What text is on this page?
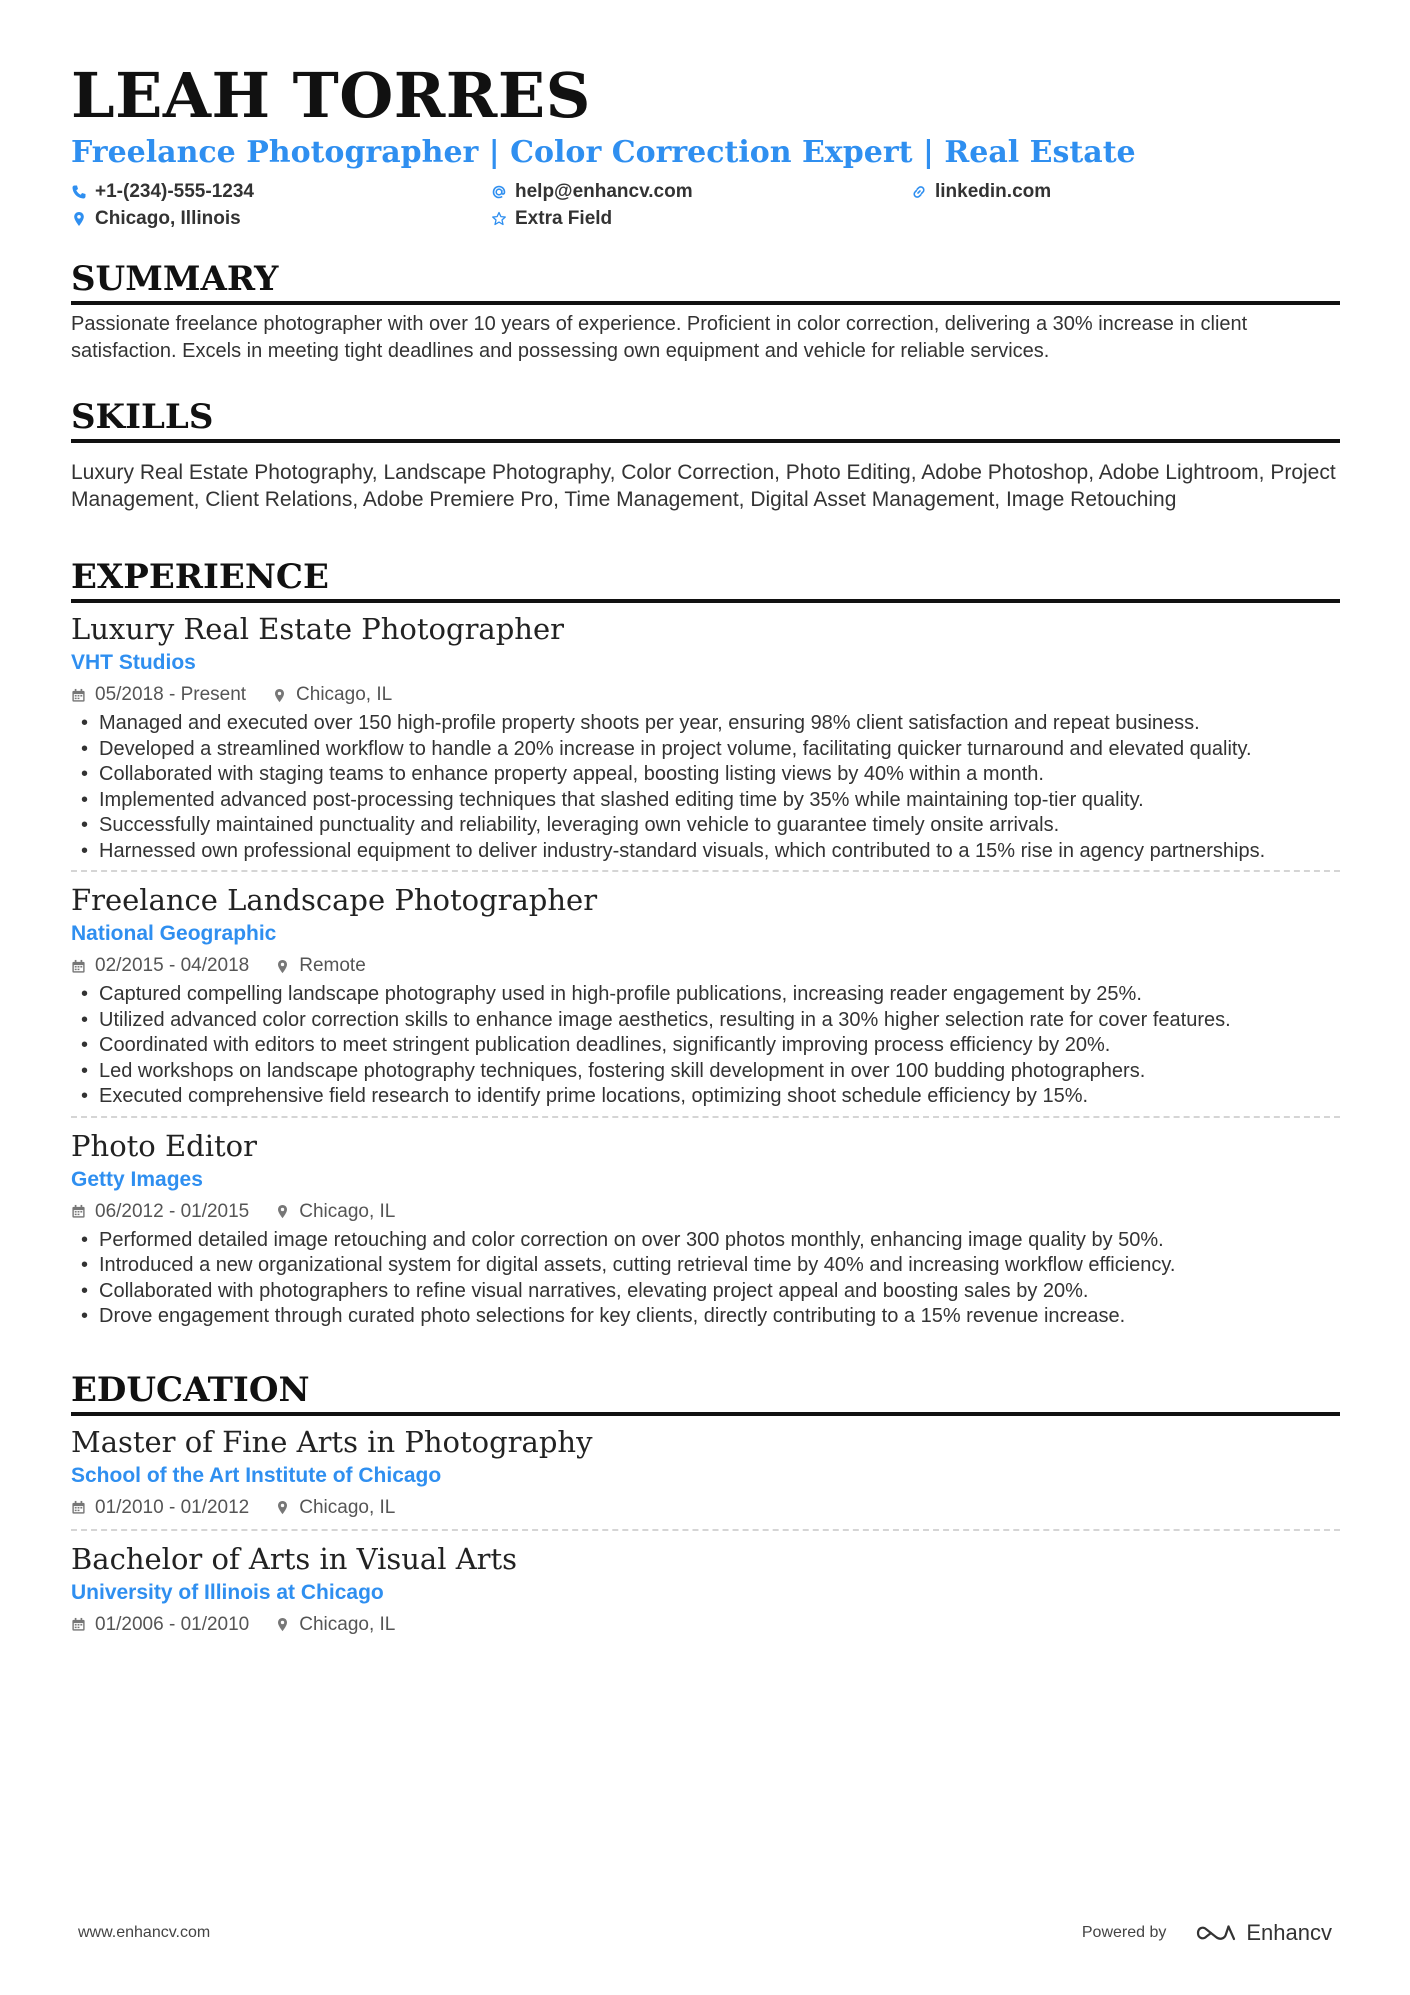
LEAH TORRES
Freelance Photographer | Color Correction Expert | Real Estate
+1-(234)-555-1234	help@enhancv.com	linkedin.com
Chicago, Illinois	Extra Field
SUMMARY
Passionate freelance photographer with over 10 years of experience. Proficient in color correction, delivering a 30% increase in client satisfaction. Excels in meeting tight deadlines and possessing own equipment and vehicle for reliable services.
SKILLS
Luxury Real Estate Photography, Landscape Photography, Color Correction, Photo Editing, Adobe Photoshop, Adobe Lightroom, Project Management, Client Relations, Adobe Premiere Pro, Time Management, Digital Asset Management, Image Retouching
EXPERIENCE
Luxury Real Estate Photographer
VHT Studios
05/2018 - Present	Chicago, IL
• Managed and executed over 150 high-profile property shoots per year, ensuring 98% client satisfaction and repeat business.
• Developed a streamlined workflow to handle a 20% increase in project volume, facilitating quicker turnaround and elevated quality.
• Collaborated with staging teams to enhance property appeal, boosting listing views by 40% within a month.
• Implemented advanced post-processing techniques that slashed editing time by 35% while maintaining top-tier quality.
• Successfully maintained punctuality and reliability, leveraging own vehicle to guarantee timely onsite arrivals.
• Harnessed own professional equipment to deliver industry-standard visuals, which contributed to a 15% rise in agency partnerships.
Freelance Landscape Photographer
National Geographic
02/2015 - 04/2018	Remote
• Captured compelling landscape photography used in high-profile publications, increasing reader engagement by 25%.
• Utilized advanced color correction skills to enhance image aesthetics, resulting in a 30% higher selection rate for cover features.
• Coordinated with editors to meet stringent publication deadlines, significantly improving process efficiency by 20%.
• Led workshops on landscape photography techniques, fostering skill development in over 100 budding photographers.
• Executed comprehensive field research to identify prime locations, optimizing shoot schedule efficiency by 15%.
Photo Editor
Getty Images
06/2012 - 01/2015	Chicago, IL
• Performed detailed image retouching and color correction on over 300 photos monthly, enhancing image quality by 50%.
• Introduced a new organizational system for digital assets, cutting retrieval time by 40% and increasing workflow efficiency.
• Collaborated with photographers to refine visual narratives, elevating project appeal and boosting sales by 20%.
• Drove engagement through curated photo selections for key clients, directly contributing to a 15% revenue increase.
EDUCATION
Master of Fine Arts in Photography
School of the Art Institute of Chicago
01/2010 - 01/2012	Chicago, IL
Bachelor of Arts in Visual Arts
University of Illinois at Chicago
01/2006 - 01/2010	Chicago, IL
www.enhancv.com	Powered by	Enhancv
